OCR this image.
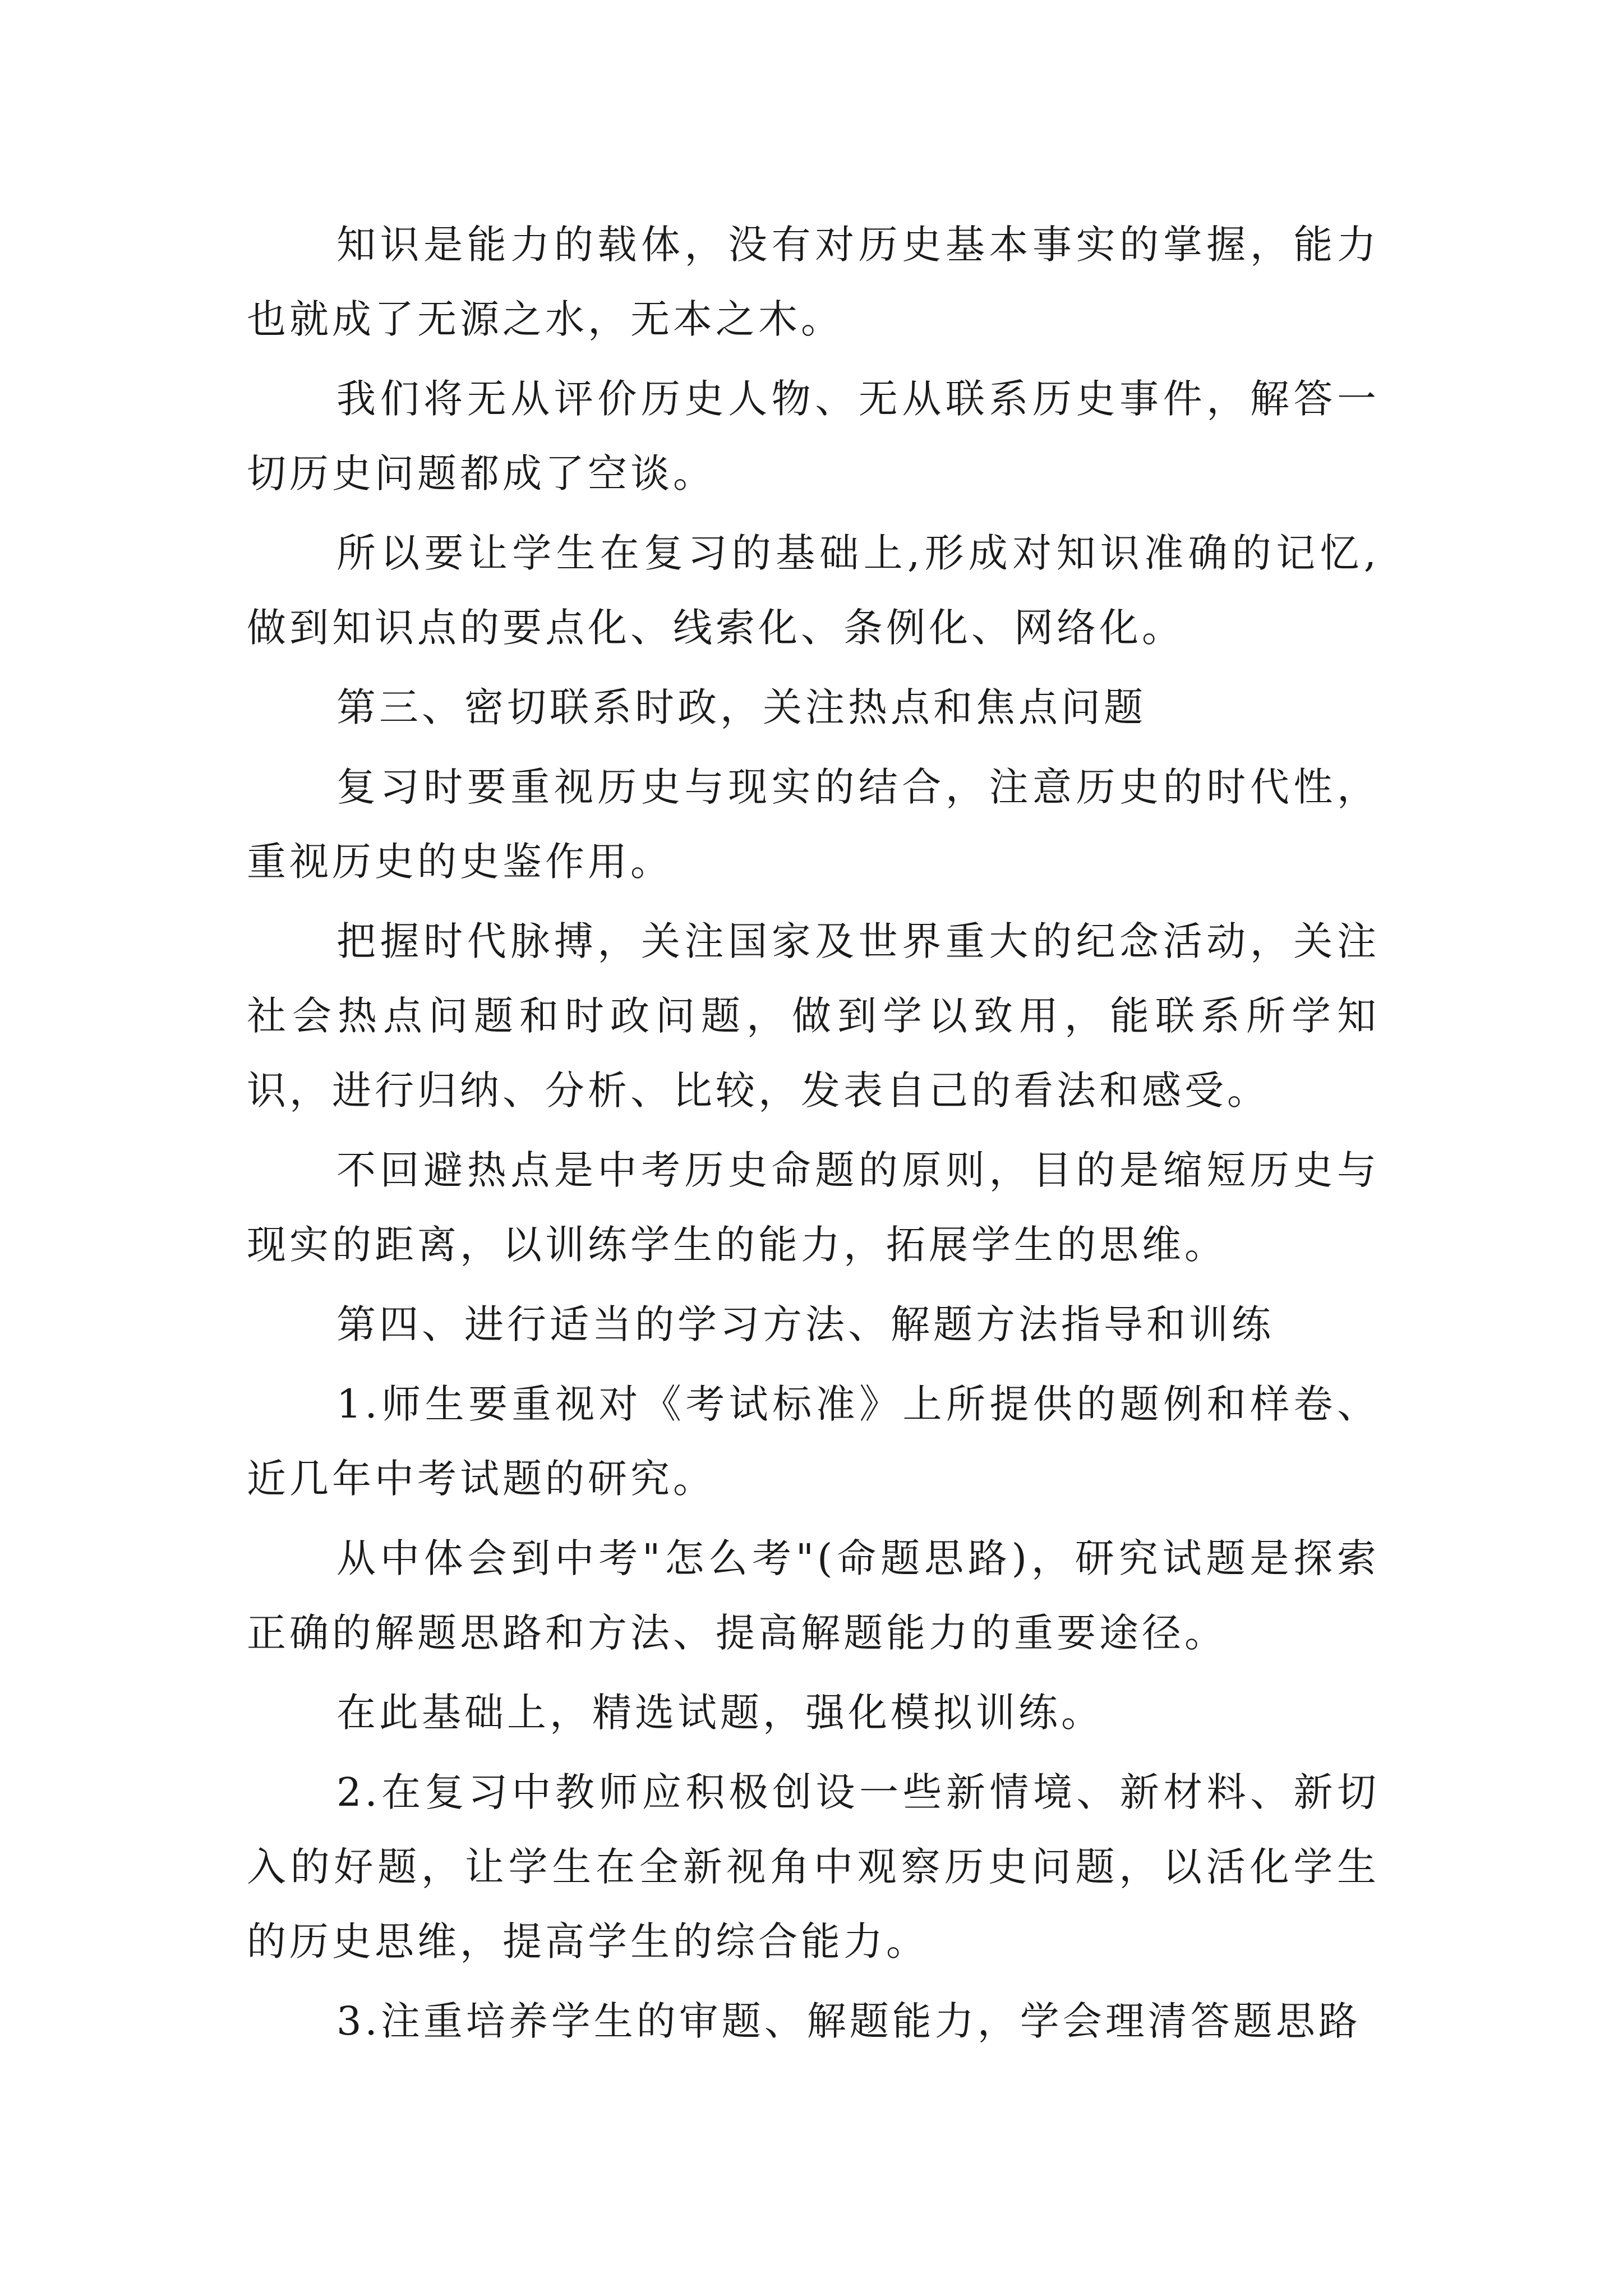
知识是能力的载体，没有对历史基本事实的掌握，能力也就成了无源之水，无本之木。

我们将无从评价历史人物、无从联系历史事件，解答一切历史问题都成了空谈。

所以要让学生在复习的基础上,形成对知识准确的记忆,做到知识点的要点化、线索化、条例化、网络化。

第三、密切联系时政，关注热点和焦点问题

复习时要重视历史与现实的结合，注意历史的时代性，重视历史的史鉴作用。

把握时代脉搏，关注国家及世界重大的纪念活动，关注社会热点问题和时政问题，做到学以致用，能联系所学知识，进行归纳、分析、比较，发表自己的看法和感受。

不回避热点是中考历史命题的原则，目的是缩短历史与现实的距离，以训练学生的能力，拓展学生的思维。

第四、进行适当的学习方法、解题方法指导和训练

1.师生要重视对《考试标准》上所提供的题例和样卷、近几年中考试题的研究。

从中体会到中考"怎么考"(命题思路)，研究试题是探索正确的解题思路和方法、提高解题能力的重要途径。

在此基础上，精选试题，强化模拟训练。

2.在复习中教师应积极创设一些新情境、新材料、新切入的好题，让学生在全新视角中观察历史问题，以活化学生的历史思维，提高学生的综合能力。

3.注重培养学生的审题、解题能力，学会理清答题思路
